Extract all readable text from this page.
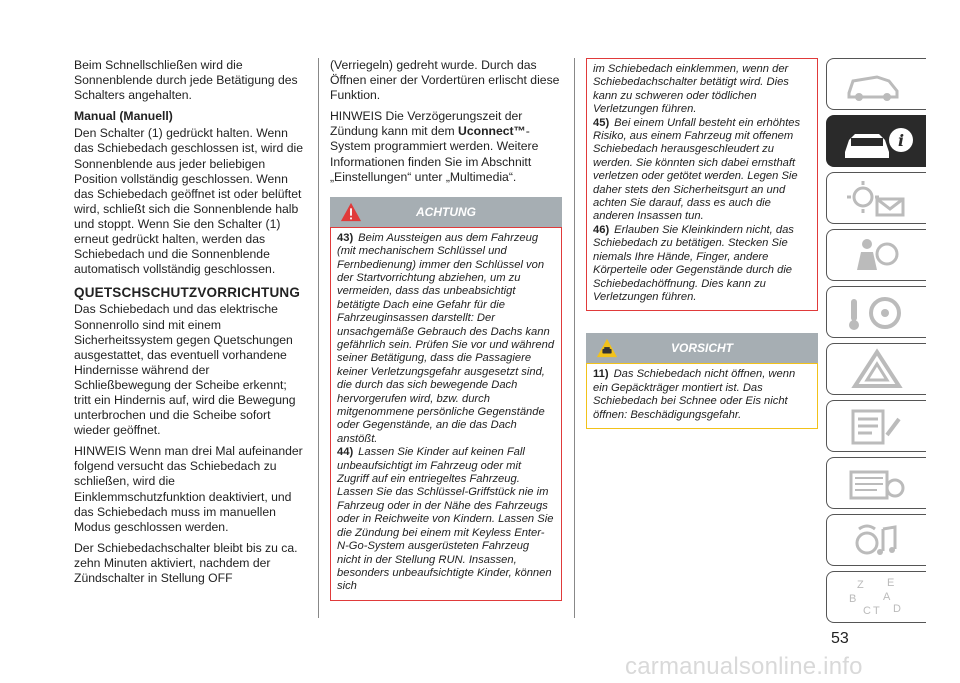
Beim Schnellschließen wird die Sonnenblende durch jede Betätigung des Schalters angehalten.

Manual (Manuell)

Den Schalter (1) gedrückt halten. Wenn das Schiebedach geschlossen ist, wird die Sonnenblende aus jeder beliebigen Position vollständig geschlossen. Wenn das Schiebedach geöffnet ist oder belüftet wird, schließt sich die Sonnenblende halb und stoppt. Wenn Sie den Schalter (1) erneut gedrückt halten, werden das Schiebedach und die Sonnenblende automatisch vollständig geschlossen.

QUETSCHSCHUTZVORRICHTUNG

Das Schiebedach und das elektrische Sonnenrollo sind mit einem Sicherheitssystem gegen Quetschungen ausgestattet, das eventuell vorhandene Hindernisse während der Schließbewegung der Scheibe erkennt; tritt ein Hindernis auf, wird die Bewegung unterbrochen und die Scheibe sofort wieder geöffnet.

HINWEIS Wenn man drei Mal aufeinander folgend versucht das Schiebedach zu schließen, wird die Einklemmschutzfunktion deaktiviert, und das Schiebedach muss im manuellen Modus geschlossen werden.

Der Schiebedachschalter bleibt bis zu ca. zehn Minuten aktiviert, nachdem der Zündschalter in Stellung OFF

(Verriegeln) gedreht wurde. Durch das Öffnen einer der Vordertüren erlischt diese Funktion.

HINWEIS Die Verzögerungszeit der Zündung kann mit dem Uconnect™-System programmiert werden. Weitere Informationen finden Sie im Abschnitt „Einstellungen“ unter „Multimedia“.

ACHTUNG

43) Beim Aussteigen aus dem Fahrzeug (mit mechanischem Schlüssel und Fernbedienung) immer den Schlüssel von der Startvorrichtung abziehen, um zu vermeiden, dass das unbeabsichtigt betätigte Dach eine Gefahr für die Fahrzeuginsassen darstellt: Der unsachgemäße Gebrauch des Dachs kann gefährlich sein. Prüfen Sie vor und während seiner Betätigung, dass die Passagiere keiner Verletzungsgefahr ausgesetzt sind, die durch das sich bewegende Dach hervorgerufen wird, bzw. durch mitgenommene persönliche Gegenstände oder Gegenstände, an die das Dach anstößt.

44) Lassen Sie Kinder auf keinen Fall unbeaufsichtigt im Fahrzeug oder mit Zugriff auf ein entriegeltes Fahrzeug. Lassen Sie das Schlüssel-Griffstück nie im Fahrzeug oder in der Nähe des Fahrzeugs oder in Reichweite von Kindern. Lassen Sie die Zündung bei einem mit Keyless Enter-N-Go-System ausgerüsteten Fahrzeug nicht in der Stellung RUN. Insassen, besonders unbeaufsichtigte Kinder, können sich

im Schiebedach einklemmen, wenn der Schiebedachschalter betätigt wird. Dies kann zu schweren oder tödlichen Verletzungen führen.

45) Bei einem Unfall besteht ein erhöhtes Risiko, aus einem Fahrzeug mit offenem Schiebedach herausgeschleudert zu werden. Sie könnten sich dabei ernsthaft verletzen oder getötet werden. Legen Sie daher stets den Sicherheitsgurt an und achten Sie darauf, dass es auch die anderen Insassen tun.

46) Erlauben Sie Kleinkindern nicht, das Schiebedach zu betätigen. Stecken Sie niemals Ihre Hände, Finger, andere Körperteile oder Gegenstände durch die Schiebedachöffnung. Dies kann zu Verletzungen führen.

VORSICHT

11) Das Schiebedach nicht öffnen, wenn ein Gepäckträger montiert ist. Das Schiebedach bei Schnee oder Eis nicht öffnen: Beschädigungsgefahr.

i
Z E
B A
C T D
53
carmanualsonline.info
